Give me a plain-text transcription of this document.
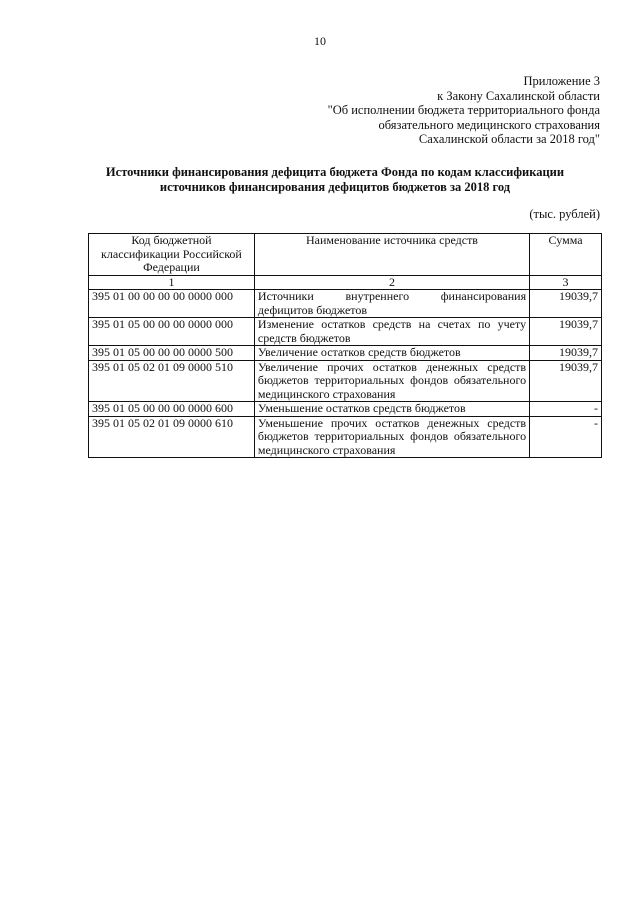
10
Приложение 3
к Закону Сахалинской области
"Об исполнении бюджета территориального фонда
обязательного медицинского страхования
Сахалинской области за 2018 год"
Источники финансирования дефицита бюджета Фонда по кодам классификации
источников финансирования дефицитов бюджетов за 2018 год
(тыс. рублей)
Код бюджетной классификации Российской Федерации	Наименование источника средств	Сумма
1	2	3
395 01 00 00 00 00 0000 000	Источники внутреннего финансирования дефицитов бюджетов	19039,7
395 01 05 00 00 00 0000 000	Изменение остатков средств на счетах по учету средств бюджетов	19039,7
395 01 05 00 00 00 0000 500	Увеличение остатков средств бюджетов	19039,7
395 01 05 02 01 09 0000 510	Увеличение прочих остатков денежных средств бюджетов территориальных фондов обязательного медицинского страхования	19039,7
395 01 05 00 00 00 0000 600	Уменьшение остатков средств бюджетов	-
395 01 05 02 01 09 0000 610	Уменьшение прочих остатков денежных средств бюджетов территориальных фондов обязательного медицинского страхования	-
